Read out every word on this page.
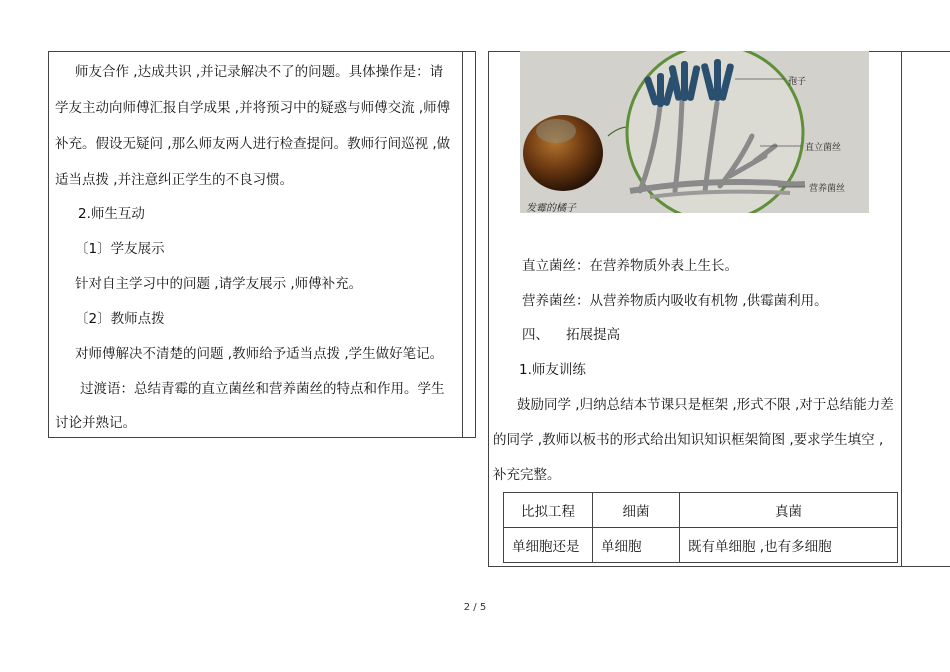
师友合作 ,达成共识 ,并记录解决不了的问题。具体操作是：请
学友主动向师傅汇报自学成果 ,并将预习中的疑惑与师傅交流 ,师傅
补充。假设无疑问 ,那么师友两人进行检查提问。教师行间巡视 ,做
适当点拨 ,并注意纠正学生的不良习惯。
2.师生互动
〔1〕学友展示
针对自主学习中的问题 ,请学友展示 ,师傅补充。
〔2〕教师点拨
对师傅解决不清楚的问题 ,教师给予适当点拨 ,学生做好笔记。
过渡语：总结青霉的直立菌丝和营养菌丝的特点和作用。学生
讨论并熟记。
孢子
直立菌丝
营养菌丝
发霉的橘子
直立菌丝：在营养物质外表上生长。
营养菌丝：从营养物质内吸收有机物 ,供霉菌利用。
四、    拓展提高
1.师友训练
鼓励同学 ,归纳总结本节课只是框架 ,形式不限 ,对于总结能力差
的同学 ,教师以板书的形式给出知识知识框架简图 ,要求学生填空 ,
补充完整。
比拟工程	细菌	真菌
单细胞还是	单细胞	既有单细胞 ,也有多细胞
2 / 5
